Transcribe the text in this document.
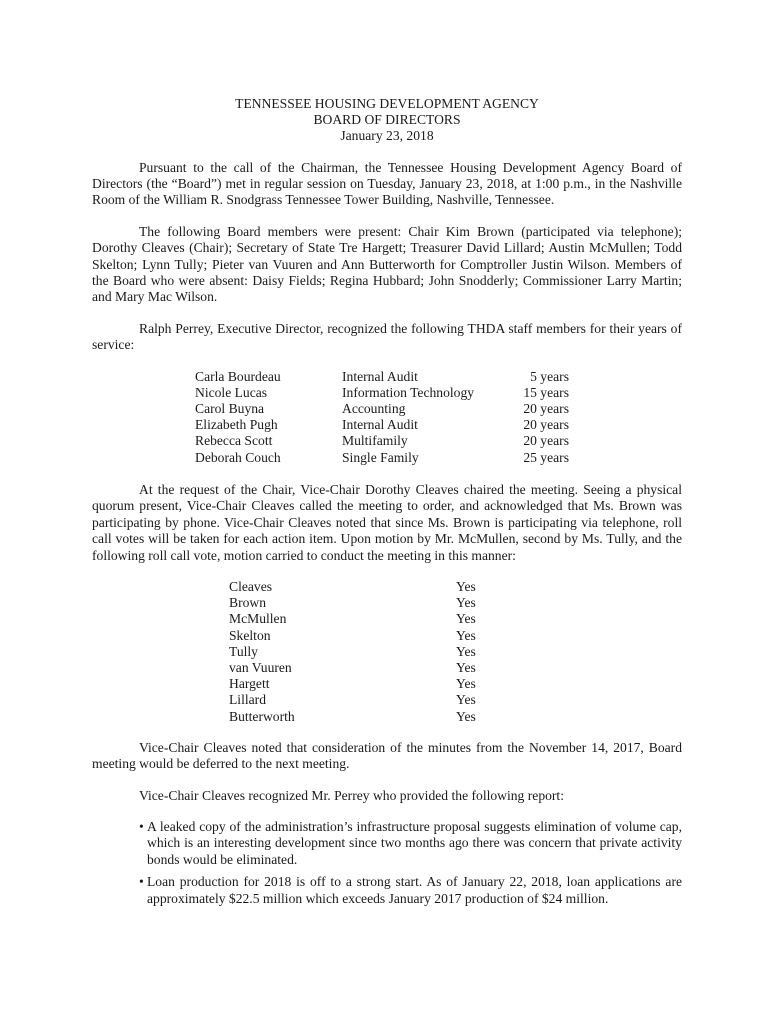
TENNESSEE HOUSING DEVELOPMENT AGENCY
BOARD OF DIRECTORS
January 23, 2018

Pursuant to the call of the Chairman, the Tennessee Housing Development Agency Board of Directors (the “Board”) met in regular session on Tuesday, January 23, 2018, at 1:00 p.m., in the Nashville Room of the William R. Snodgrass Tennessee Tower Building, Nashville, Tennessee.

The following Board members were present: Chair Kim Brown (participated via telephone); Dorothy Cleaves (Chair); Secretary of State Tre Hargett; Treasurer David Lillard; Austin McMullen; Todd Skelton; Lynn Tully; Pieter van Vuuren and Ann Butterworth for Comptroller Justin Wilson. Members of the Board who were absent: Daisy Fields; Regina Hubbard; John Snodderly; Commissioner Larry Martin; and Mary Mac Wilson.

Ralph Perrey, Executive Director, recognized the following THDA staff members for their years of service:

Carla Bourdeau	Internal Audit	5 years
Nicole Lucas	Information Technology	15 years
Carol Buyna	Accounting	20 years
Elizabeth Pugh	Internal Audit	20 years
Rebecca Scott	Multifamily	20 years
Deborah Couch	Single Family	25 years

At the request of the Chair, Vice-Chair Dorothy Cleaves chaired the meeting. Seeing a physical quorum present, Vice-Chair Cleaves called the meeting to order, and acknowledged that Ms. Brown was participating by phone. Vice-Chair Cleaves noted that since Ms. Brown is participating via telephone, roll call votes will be taken for each action item. Upon motion by Mr. McMullen, second by Ms. Tully, and the following roll call vote, motion carried to conduct the meeting in this manner:

Cleaves	Yes
Brown	Yes
McMullen	Yes
Skelton	Yes
Tully	Yes
van Vuuren	Yes
Hargett	Yes
Lillard	Yes
Butterworth	Yes

Vice-Chair Cleaves noted that consideration of the minutes from the November 14, 2017, Board meeting would be deferred to the next meeting.

Vice-Chair Cleaves recognized Mr. Perrey who provided the following report:

• A leaked copy of the administration’s infrastructure proposal suggests elimination of volume cap, which is an interesting development since two months ago there was concern that private activity bonds would be eliminated.
• Loan production for 2018 is off to a strong start. As of January 22, 2018, loan applications are approximately $22.5 million which exceeds January 2017 production of $24 million.
